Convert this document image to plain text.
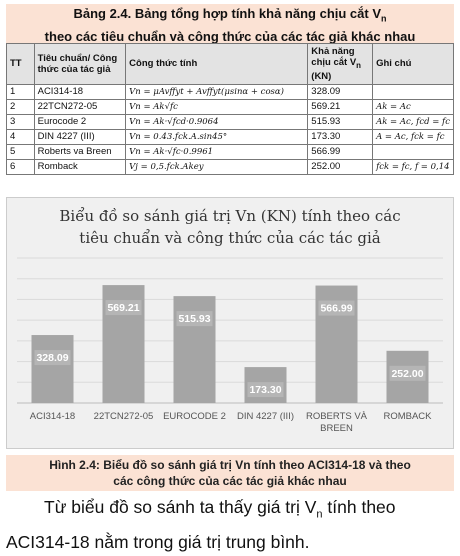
Bảng 2.4. Bảng tổng hợp tính khả năng chịu cắt $V_n$
theo các tiêu chuẩn và công thức của các tác giả khác nhau
TT	Tiêu chuẩn/ Công thức của tác giả	Công thức tính	Khả năng chịu cắt $V_n$ (KN)	Ghi chú
1	ACI314-18	Vn = μAvffyt + Avffyt(μsinα + cosα)	328.09	
2	22TCN272-05	Vn = Ak√fc	569.21	Ak = Ac
3	Eurocode 2	Vn = Ak·√fcd·0.9064	515.93	Ak = Ac, fcd = fc
4	DIN 4227 (III)	Vn = 0.43.fck.A.sin45°	173.30	A = Ac, fck = fc
5	Roberts va Breen	Vn = Ak·√fc·0.9961	566.99	
6	Romback	Vj = 0,5.fck.Akey	252.00	fck = fc, f = 0,14
Biểu đồ so sánh giá trị Vn (KN) tính theo các
tiêu chuẩn và công thức của các tác giả
328.09
ACI314-18
569.21
22TCN272-05
515.93
EUROCODE 2
173.30
DIN 4227 (III)
566.99
ROBERTS VÀ
BREEN
252.00
ROMBACK
Hình 2.4: Biểu đồ so sánh giá trị Vn tính theo ACI314-18 và theo
các công thức của các tác giả khác nhau
Từ biểu đồ so sánh ta thấy giá trị $V_n$ tính theo ACI314-18 nằm trong giá trị trung bình.
